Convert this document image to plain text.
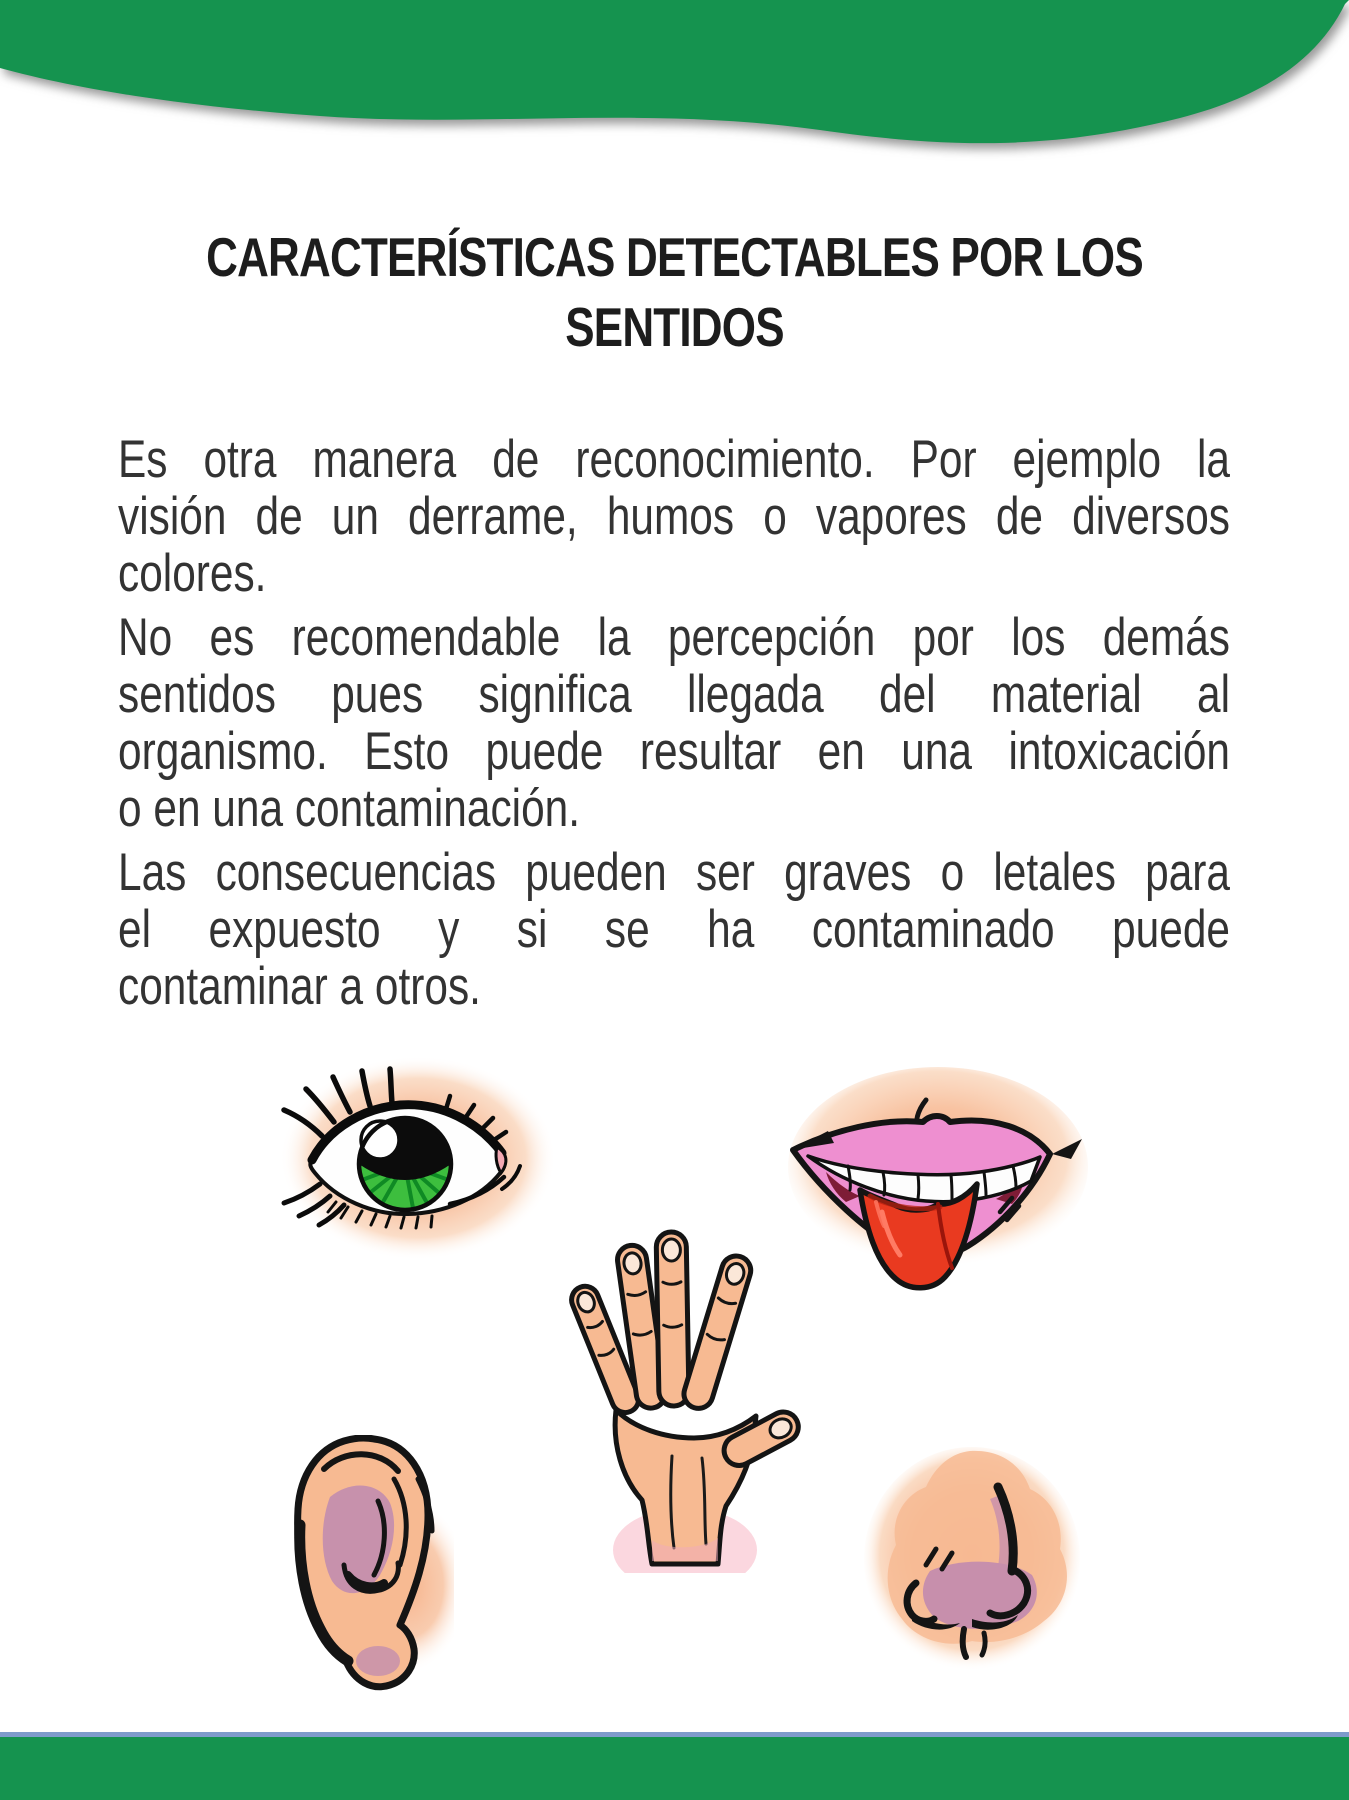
CARACTERÍSTICAS DETECTABLES POR LOS
SENTIDOS
Es otra manera de reconocimiento. Por ejemplo la
visión de un derrame, humos o vapores de diversos
colores.
No es recomendable la percepción por los demás
sentidos pues significa llegada del material al
organismo. Esto puede resultar en una intoxicación
o en una contaminación.
Las consecuencias pueden ser graves o letales para
el expuesto y si se ha contaminado puede
contaminar a otros.
